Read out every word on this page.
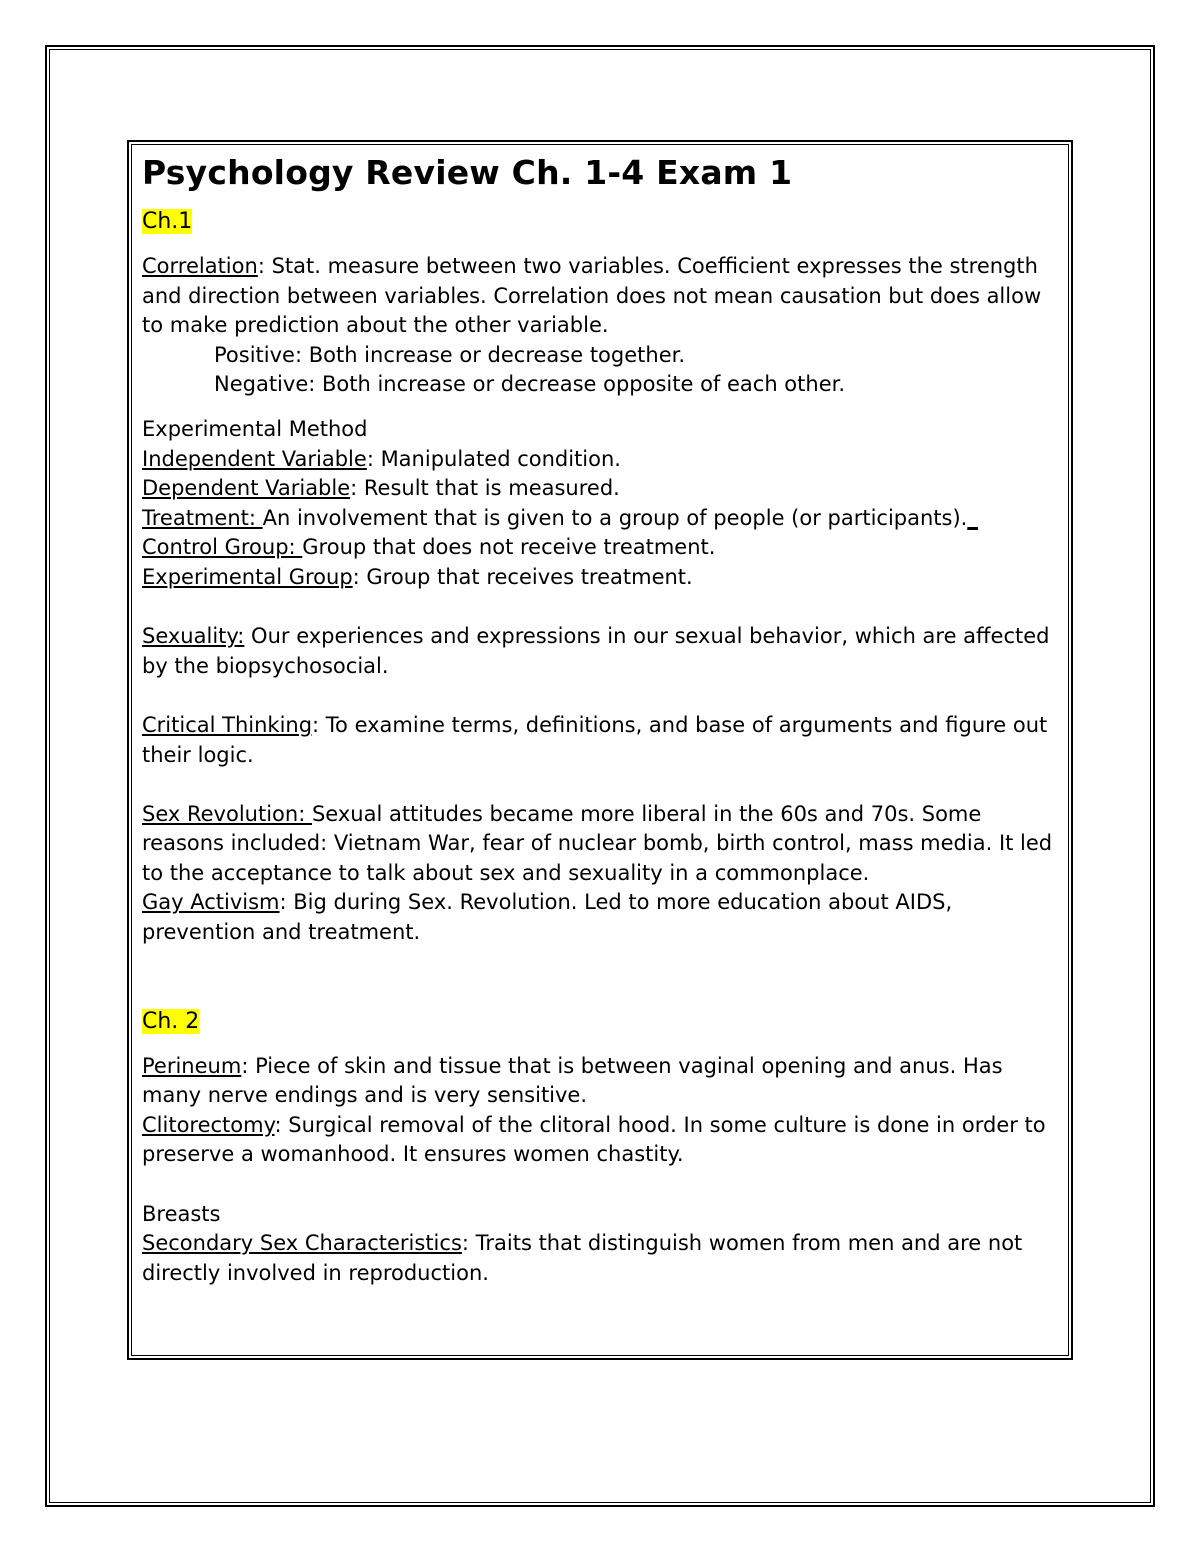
Psychology Review Ch. 1-4 Exam 1
Ch.1

Correlation: Stat. measure between two variables. Coefficient expresses the strength and direction between variables. Correlation does not mean causation but does allow to make prediction about the other variable.

Positive: Both increase or decrease together.

Negative: Both increase or decrease opposite of each other.

Experimental Method

Independent Variable: Manipulated condition.

Dependent Variable: Result that is measured.

Treatment: An involvement that is given to a group of people (or participants)._

Control Group: Group that does not receive treatment.

Experimental Group: Group that receives treatment.

Sexuality: Our experiences and expressions in our sexual behavior, which are affected by the biopsychosocial.

Critical Thinking: To examine terms, definitions, and base of arguments and figure out their logic.

Sex Revolution: Sexual attitudes became more liberal in the 60s and 70s. Some reasons included: Vietnam War, fear of nuclear bomb, birth control, mass media. It led to the acceptance to talk about sex and sexuality in a commonplace.

Gay Activism: Big during Sex. Revolution. Led to more education about AIDS, prevention and treatment.

Ch. 2

Perineum: Piece of skin and tissue that is between vaginal opening and anus. Has many nerve endings and is very sensitive.

Clitorectomy: Surgical removal of the clitoral hood. In some culture is done in order to preserve a womanhood. It ensures women chastity.

Breasts

Secondary Sex Characteristics: Traits that distinguish women from men and are not directly involved in reproduction.
